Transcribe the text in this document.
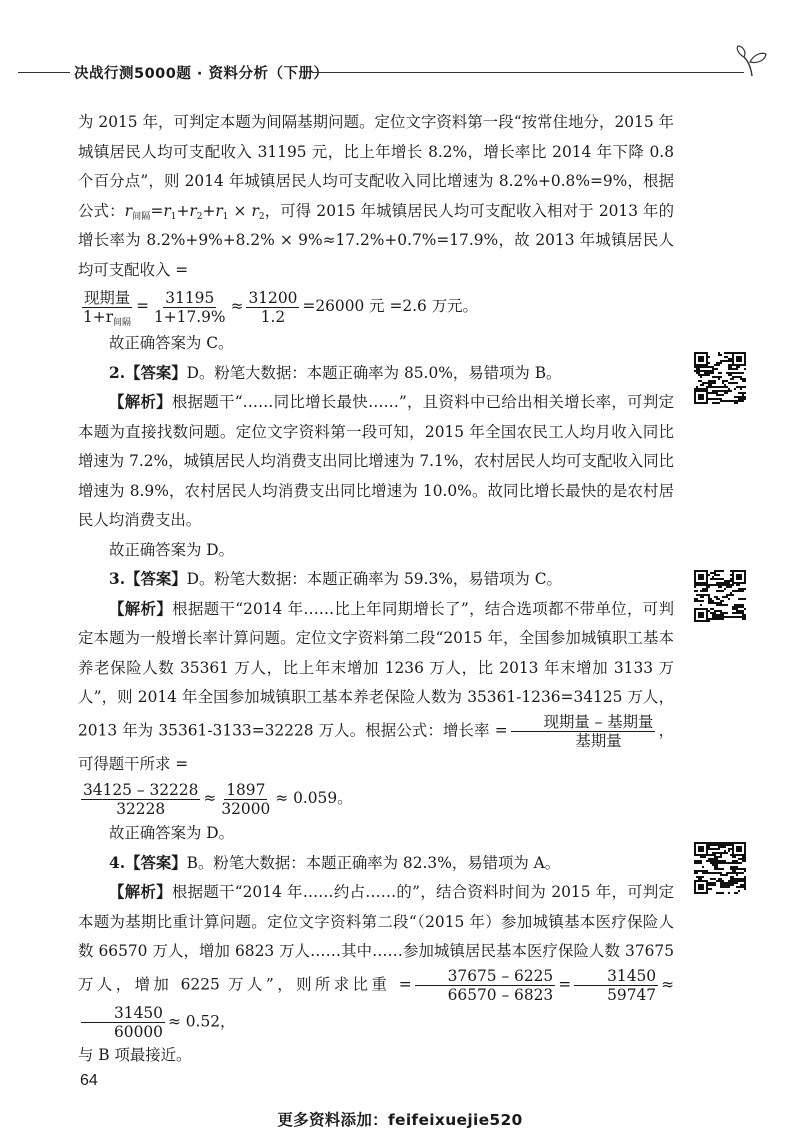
决战行测5000题 · 资料分析（下册）

为 2015 年，可判定本题为间隔基期问题。定位文字资料第一段“按常住地分，2015 年城镇居民人均可支配收入 31195 元，比上年增长 8.2%，增长率比 2014 年下降 0.8 个百分点”，则 2014 年城镇居民人均可支配收入同比增速为 8.2%+0.8%=9%，根据公式：$r_{间隔}=r_1+r_2+r_1 \times r_2$，可得 2015 年城镇居民人均可支配收入相对于 2013 年的增长率为 8.2%+9%+8.2% × 9%≈17.2%+0.7%=17.9%，故 2013 年城镇居民人均可支配收入 =

$\frac{\text{现期量}}{1+r_{间隔}} = \frac{31195}{1+17.9\%} \approx \frac{31200}{1.2} =26000$ 元 =2.6 万元。

故正确答案为 C。

2.【答案】D。粉笔大数据：本题正确率为 85.0%，易错项为 B。

【解析】根据题干“……同比增长最快……”，且资料中已给出相关增长率，可判定本题为直接找数问题。定位文字资料第一段可知，2015 年全国农民工人均月收入同比增速为 7.2%，城镇居民人均消费支出同比增速为 7.1%，农村居民人均可支配收入同比增速为 8.9%，农村居民人均消费支出同比增速为 10.0%。故同比增长最快的是农村居民人均消费支出。

故正确答案为 D。

3.【答案】D。粉笔大数据：本题正确率为 59.3%，易错项为 C。

【解析】根据题干“2014 年……比上年同期增长了”，结合选项都不带单位，可判定本题为一般增长率计算问题。定位文字资料第二段“2015 年，全国参加城镇职工基本养老保险人数 35361 万人，比上年末增加 1236 万人，比 2013 年末增加 3133 万人”，则 2014 年全国参加城镇职工基本养老保险人数为 35361-1236=34125 万人，2013 年为 35361-3133=32228 万人。根据公式：增长率 = $\frac{\text{现期量 – 基期量}}{\text{基期量}}$ ，可得题干所求 =

$\frac{34125 - 32228}{32228} \approx \frac{1897}{32000} \approx 0.059$。

故正确答案为 D。

4.【答案】B。粉笔大数据：本题正确率为 82.3%，易错项为 A。

【解析】根据题干“2014 年……约占……的”，结合资料时间为 2015 年，可判定本题为基期比重计算问题。定位文字资料第二段“（2015 年）参加城镇基本医疗保险人数 66570 万人，增加 6823 万人……其中……参加城镇居民基本医疗保险人数 37675 万人，增加 6225 万人”，则所求比重 = $\frac{37675 - 6225}{66570 - 6823} = \frac{31450}{59747}$ ≈
$\frac{31450}{60000} \approx 0.52$，

与 B 项最接近。

64
更多资料添加：feifeixuejie520
